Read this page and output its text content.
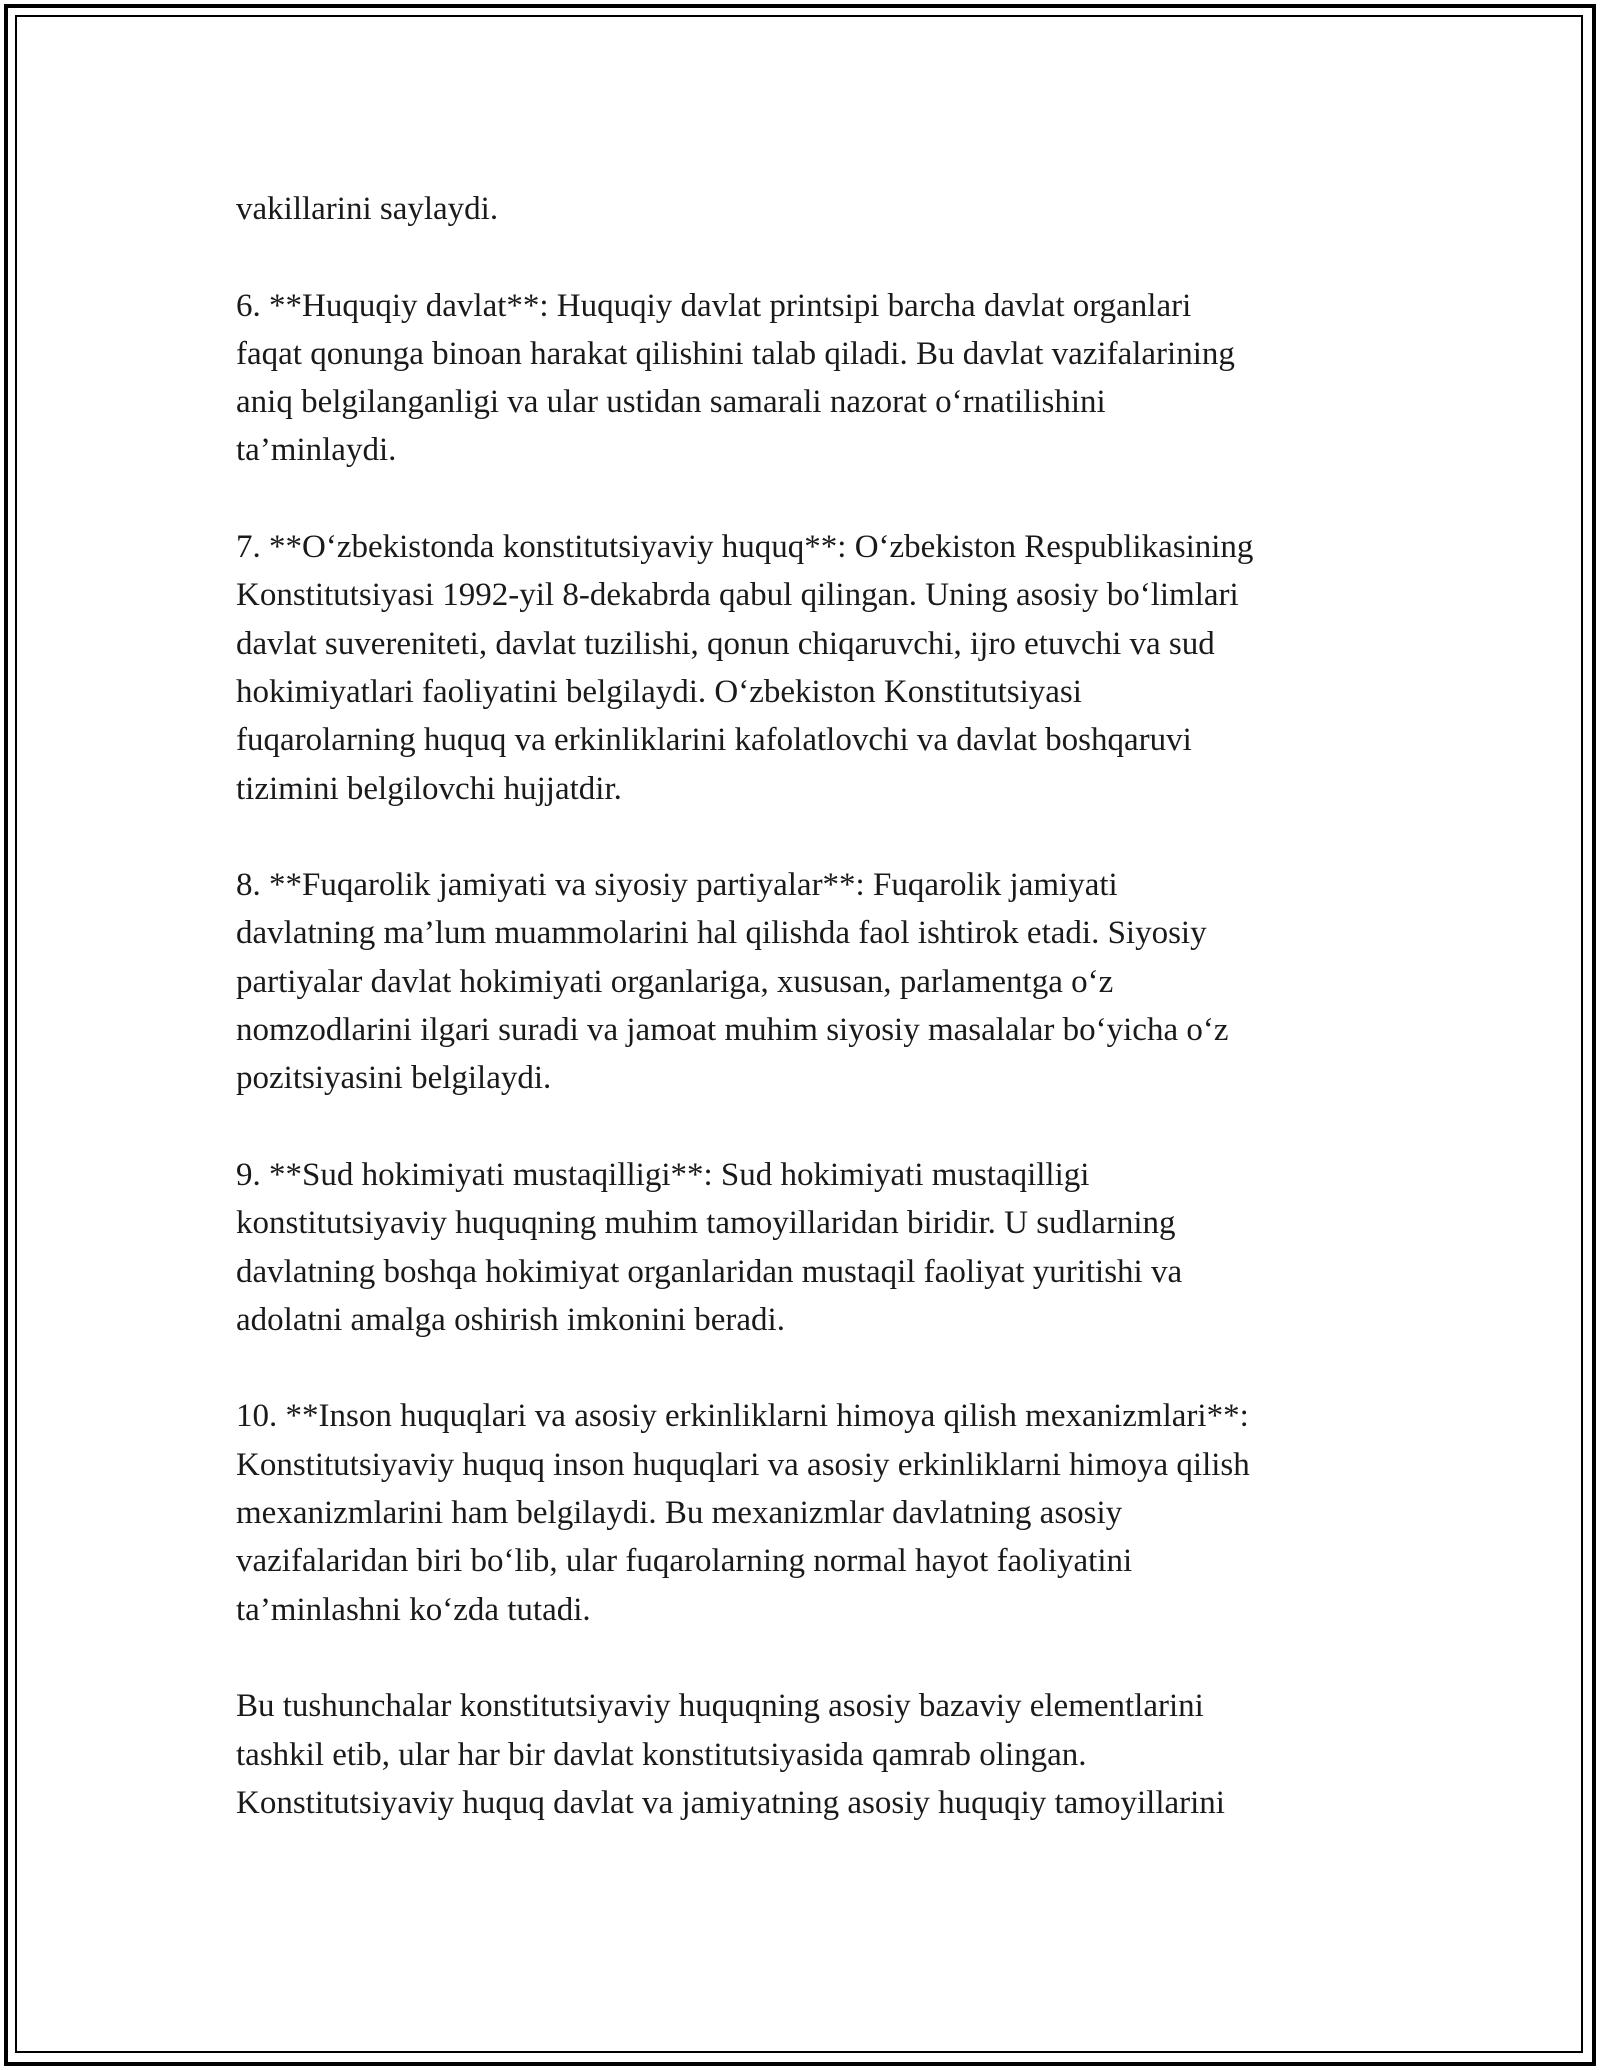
vakillarini saylaydi.

6. **Huquqiy davlat**: Huquqiy davlat printsipi barcha davlat organlari
faqat qonunga binoan harakat qilishini talab qiladi. Bu davlat vazifalarining
aniq belgilanganligi va ular ustidan samarali nazorat o‘rnatilishini
ta’minlaydi.

7. **O‘zbekistonda konstitutsiyaviy huquq**: O‘zbekiston Respublikasining
Konstitutsiyasi 1992-yil 8-dekabrda qabul qilingan. Uning asosiy bo‘limlari
davlat suvereniteti, davlat tuzilishi, qonun chiqaruvchi, ijro etuvchi va sud
hokimiyatlari faoliyatini belgilaydi. O‘zbekiston Konstitutsiyasi
fuqarolarning huquq va erkinliklarini kafolatlovchi va davlat boshqaruvi
tizimini belgilovchi hujjatdir.

8. **Fuqarolik jamiyati va siyosiy partiyalar**: Fuqarolik jamiyati
davlatning ma’lum muammolarini hal qilishda faol ishtirok etadi. Siyosiy
partiyalar davlat hokimiyati organlariga, xususan, parlamentga o‘z
nomzodlarini ilgari suradi va jamoat muhim siyosiy masalalar bo‘yicha o‘z
pozitsiyasini belgilaydi.

9. **Sud hokimiyati mustaqilligi**: Sud hokimiyati mustaqilligi
konstitutsiyaviy huquqning muhim tamoyillaridan biridir. U sudlarning
davlatning boshqa hokimiyat organlaridan mustaqil faoliyat yuritishi va
adolatni amalga oshirish imkonini beradi.

10. **Inson huquqlari va asosiy erkinliklarni himoya qilish mexanizmlari**:
Konstitutsiyaviy huquq inson huquqlari va asosiy erkinliklarni himoya qilish
mexanizmlarini ham belgilaydi. Bu mexanizmlar davlatning asosiy
vazifalaridan biri bo‘lib, ular fuqarolarning normal hayot faoliyatini
ta’minlashni ko‘zda tutadi.

Bu tushunchalar konstitutsiyaviy huquqning asosiy bazaviy elementlarini
tashkil etib, ular har bir davlat konstitutsiyasida qamrab olingan.
Konstitutsiyaviy huquq davlat va jamiyatning asosiy huquqiy tamoyillarini
